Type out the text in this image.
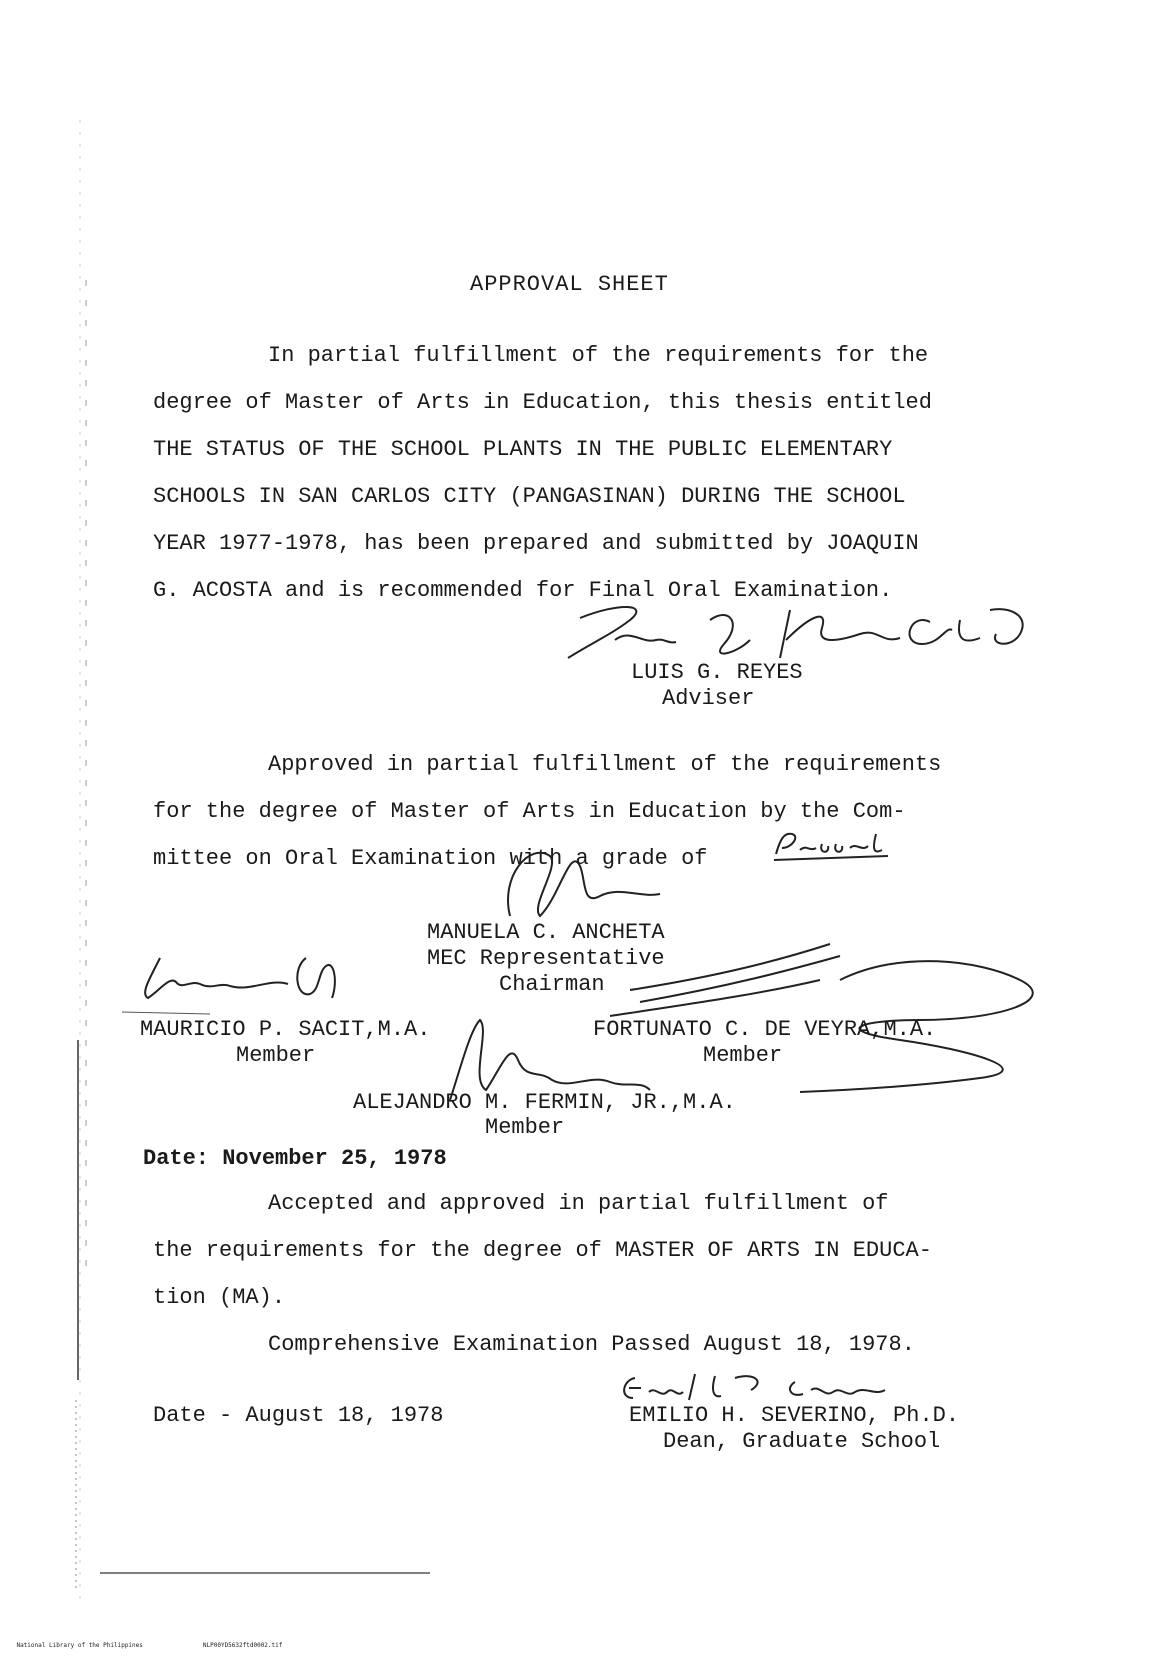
APPROVAL SHEET
In partial fulfillment of the requirements for the
degree of Master of Arts in Education, this thesis entitled
THE STATUS OF THE SCHOOL PLANTS IN THE PUBLIC ELEMENTARY
SCHOOLS IN SAN CARLOS CITY (PANGASINAN) DURING THE SCHOOL
YEAR 1977-1978, has been prepared and submitted by JOAQUIN
G. ACOSTA and is recommended for Final Oral Examination.
LUIS G. REYES
Adviser
Approved in partial fulfillment of the requirements
for the degree of Master of Arts in Education by the Com-
mittee on Oral Examination with a grade of
MANUELA C. ANCHETA
MEC Representative
Chairman
MAURICIO P. SACIT,M.A.
Member
FORTUNATO C. DE VEYRA,M.A.
Member
ALEJANDRO M. FERMIN, JR.,M.A.
Member
Date: November 25, 1978
Accepted and approved in partial fulfillment of
the requirements for the degree of MASTER OF ARTS IN EDUCA-
tion (MA).
Comprehensive Examination Passed August 18, 1978.
Date - August 18, 1978	EMILIO H. SEVERINO, Ph.D.
Dean, Graduate School

National Library of the Philippines	NLP00YD5632ftd0002.tif
